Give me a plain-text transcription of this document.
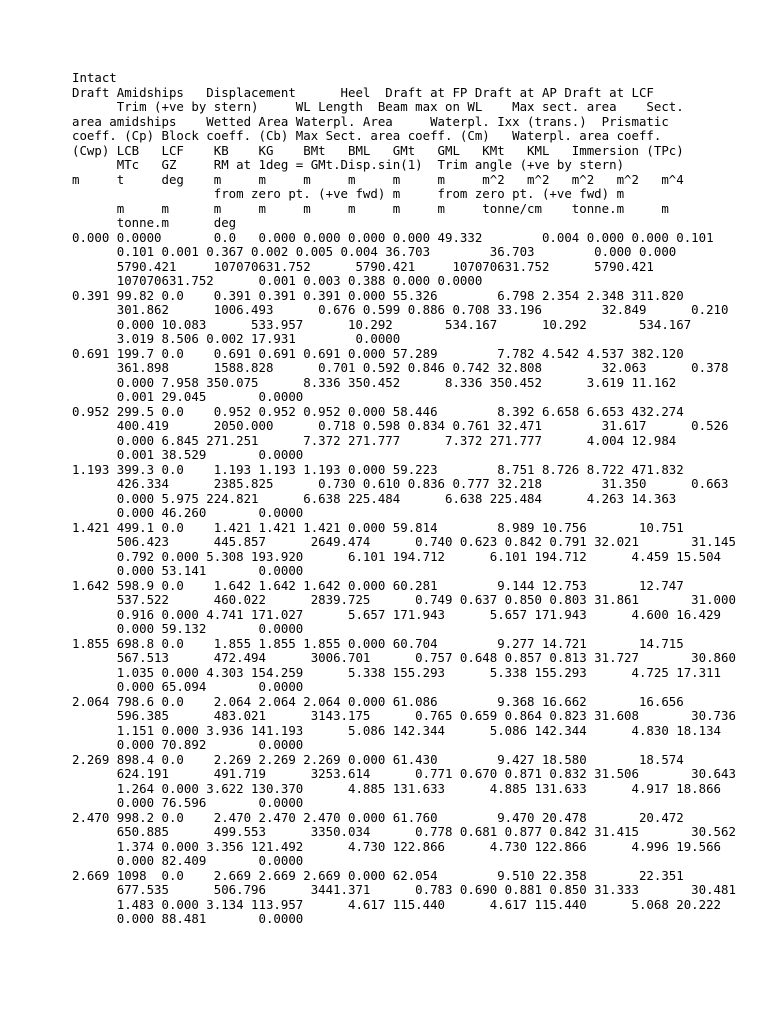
Intact
Draft Amidships   Displacement      Heel  Draft at FP Draft at AP Draft at LCF
Trim (+ve by stern)     WL Length  Beam max on WL    Max sect. area    Sect.
area amidships    Wetted Area Waterpl. Area     Waterpl. Ixx (trans.)  Prismatic
coeff. (Cp) Block coeff. (Cb) Max Sect. area coeff. (Cm)   Waterpl. area coeff.
(Cwp) LCB   LCF    KB    KG    BMt   BML   GMt   GML   KMt   KML   Immersion (TPc)
MTc   GZ     RM at 1deg = GMt.Disp.sin(1)  Trim angle (+ve by stern)
m     t     deg    m     m     m     m     m     m     m^2   m^2   m^2   m^2   m^4
from zero pt. (+ve fwd) m     from zero pt. (+ve fwd) m
m     m      m     m     m     m     m     m     tonne/cm    tonne.m     m
tonne.m      deg
0.000 0.0000       0.0   0.000 0.000 0.000 0.000 49.332        0.004 0.000 0.000 0.101
0.101 0.001 0.367 0.002 0.005 0.004 36.703        36.703        0.000 0.000
5790.421     107070631.752      5790.421     107070631.752      5790.421
107070631.752      0.001 0.003 0.388 0.000 0.0000
0.391 99.82 0.0    0.391 0.391 0.391 0.000 55.326        6.798 2.354 2.348 311.820
301.862      1006.493      0.676 0.599 0.886 0.708 33.196        32.849      0.210
0.000 10.083      533.957      10.292       534.167      10.292       534.167
3.019 8.506 0.002 17.931        0.0000
0.691 199.7 0.0    0.691 0.691 0.691 0.000 57.289        7.782 4.542 4.537 382.120
361.898      1588.828      0.701 0.592 0.846 0.742 32.808        32.063      0.378
0.000 7.958 350.075      8.336 350.452      8.336 350.452      3.619 11.162
0.001 29.045       0.0000
0.952 299.5 0.0    0.952 0.952 0.952 0.000 58.446        8.392 6.658 6.653 432.274
400.419      2050.000      0.718 0.598 0.834 0.761 32.471        31.617      0.526
0.000 6.845 271.251      7.372 271.777      7.372 271.777      4.004 12.984
0.001 38.529       0.0000
1.193 399.3 0.0    1.193 1.193 1.193 0.000 59.223        8.751 8.726 8.722 471.832
426.334      2385.825      0.730 0.610 0.836 0.777 32.218        31.350      0.663
0.000 5.975 224.821      6.638 225.484      6.638 225.484      4.263 14.363
0.000 46.260       0.0000
1.421 499.1 0.0    1.421 1.421 1.421 0.000 59.814        8.989 10.756       10.751
506.423      445.857      2649.474      0.740 0.623 0.842 0.791 32.021       31.145
0.792 0.000 5.308 193.920      6.101 194.712      6.101 194.712      4.459 15.504
0.000 53.141       0.0000
1.642 598.9 0.0    1.642 1.642 1.642 0.000 60.281        9.144 12.753       12.747
537.522      460.022      2839.725      0.749 0.637 0.850 0.803 31.861       31.000
0.916 0.000 4.741 171.027      5.657 171.943      5.657 171.943      4.600 16.429
0.000 59.132       0.0000
1.855 698.8 0.0    1.855 1.855 1.855 0.000 60.704        9.277 14.721       14.715
567.513      472.494      3006.701      0.757 0.648 0.857 0.813 31.727       30.860
1.035 0.000 4.303 154.259      5.338 155.293      5.338 155.293      4.725 17.311
0.000 65.094       0.0000
2.064 798.6 0.0    2.064 2.064 2.064 0.000 61.086        9.368 16.662       16.656
596.385      483.021      3143.175      0.765 0.659 0.864 0.823 31.608       30.736
1.151 0.000 3.936 141.193      5.086 142.344      5.086 142.344      4.830 18.134
0.000 70.892       0.0000
2.269 898.4 0.0    2.269 2.269 2.269 0.000 61.430        9.427 18.580       18.574
624.191      491.719      3253.614      0.771 0.670 0.871 0.832 31.506       30.643
1.264 0.000 3.622 130.370      4.885 131.633      4.885 131.633      4.917 18.866
0.000 76.596       0.0000
2.470 998.2 0.0    2.470 2.470 2.470 0.000 61.760        9.470 20.478       20.472
650.885      499.553      3350.034      0.778 0.681 0.877 0.842 31.415       30.562
1.374 0.000 3.356 121.492      4.730 122.866      4.730 122.866      4.996 19.566
0.000 82.409       0.0000
2.669 1098  0.0    2.669 2.669 2.669 0.000 62.054        9.510 22.358       22.351
677.535      506.796      3441.371      0.783 0.690 0.881 0.850 31.333       30.481
1.483 0.000 3.134 113.957      4.617 115.440      4.617 115.440      5.068 20.222
0.000 88.481       0.0000
